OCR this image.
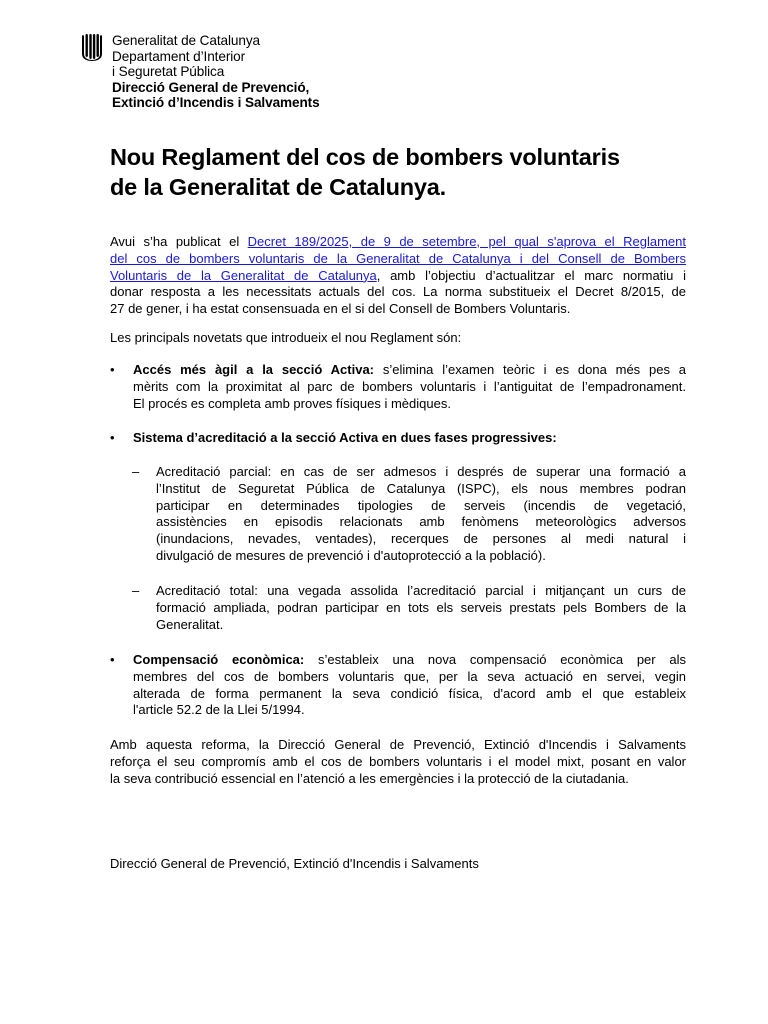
Generalitat de Catalunya
Departament d’Interior
i Seguretat Pública
Direcció General de Prevenció,
Extinció d’Incendis i Salvaments
Nou Reglament del cos de bombers voluntaris
de la Generalitat de Catalunya.
Avui s’ha publicat el Decret 189/2025, de 9 de setembre, pel qual s'aprova el Reglament
del cos de bombers voluntaris de la Generalitat de Catalunya i del Consell de Bombers
Voluntaris de la Generalitat de Catalunya, amb l’objectiu d’actualitzar el marc normatiu i
donar resposta a les necessitats actuals del cos. La norma substitueix el Decret 8/2015, de
27 de gener, i ha estat consensuada en el si del Consell de Bombers Voluntaris.
Les principals novetats que introdueix el nou Reglament són:
• Accés més àgil a la secció Activa: s’elimina l’examen teòric i es dona més pes a
mèrits com la proximitat al parc de bombers voluntaris i l’antiguitat de l’empadronament.
El procés es completa amb proves físiques i mèdiques.
• Sistema d’acreditació a la secció Activa en dues fases progressives:
– Acreditació parcial: en cas de ser admesos i després de superar una formació a
l’Institut de Seguretat Pública de Catalunya (ISPC), els nous membres podran
participar en determinades tipologies de serveis (incendis de vegetació,
assistències en episodis relacionats amb fenòmens meteorològics adversos
(inundacions, nevades, ventades), recerques de persones al medi natural i
divulgació de mesures de prevenció i d'autoprotecció a la població).
– Acreditació total: una vegada assolida l’acreditació parcial i mitjançant un curs de
formació ampliada, podran participar en tots els serveis prestats pels Bombers de la
Generalitat.
• Compensació econòmica: s’estableix una nova compensació econòmica per als
membres del cos de bombers voluntaris que, per la seva actuació en servei, vegin
alterada de forma permanent la seva condició física, d'acord amb el que estableix
l'article 52.2 de la Llei 5/1994.
Amb aquesta reforma, la Direcció General de Prevenció, Extinció d'Incendis i Salvaments
reforça el seu compromís amb el cos de bombers voluntaris i el model mixt, posant en valor
la seva contribució essencial en l’atenció a les emergències i la protecció de la ciutadania.
Direcció General de Prevenció, Extinció d'Incendis i Salvaments
